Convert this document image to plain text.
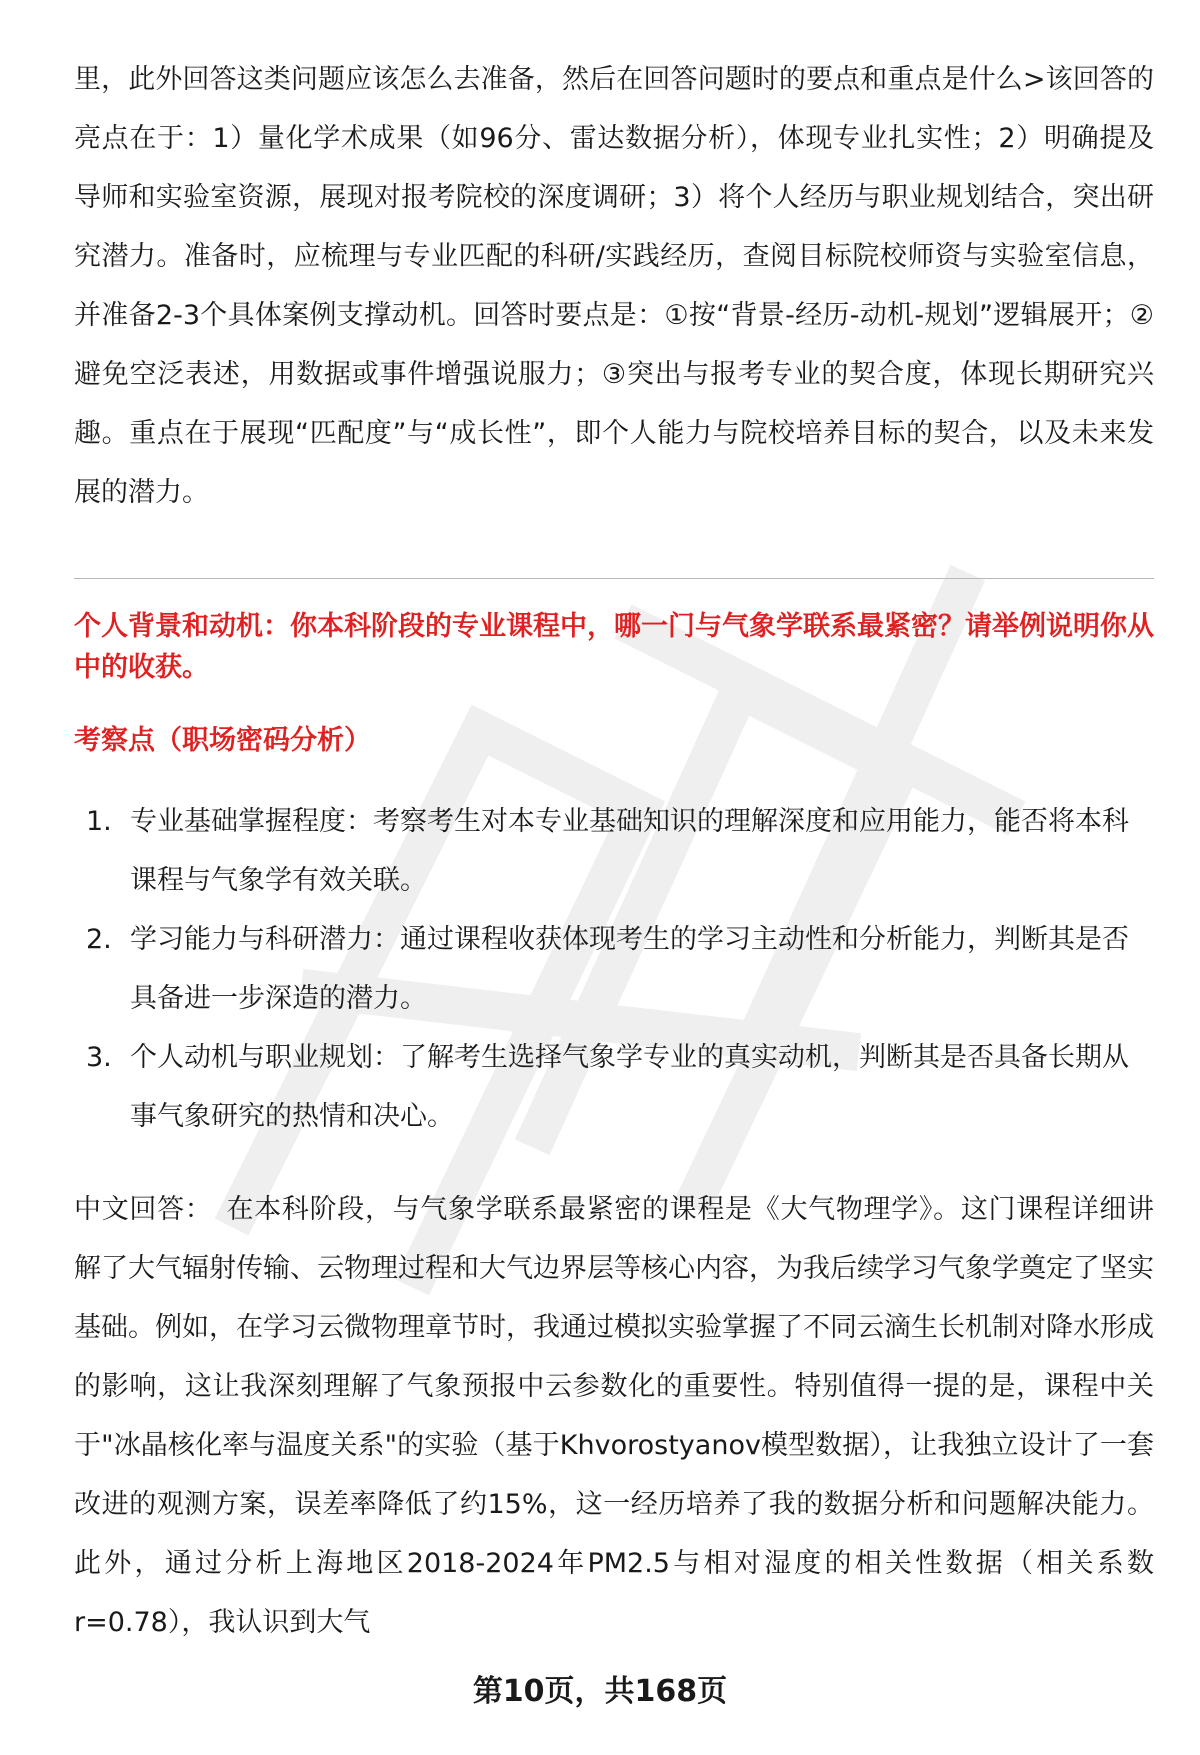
里，此外回答这类问题应该怎么去准备，然后在回答问题时的要点和重点是什么>该回答的亮点在于：1）量化学术成果（如96分、雷达数据分析），体现专业扎实性；2）明确提及导师和实验室资源，展现对报考院校的深度调研；3）将个人经历与职业规划结合，突出研究潜力。准备时，应梳理与专业匹配的科研/实践经历，查阅目标院校师资与实验室信息，并准备2-3个具体案例支撑动机。回答时要点是：①按“背景-经历-动机-规划”逻辑展开；②避免空泛表述，用数据或事件增强说服力；③突出与报考专业的契合度，体现长期研究兴趣。重点在于展现“匹配度”与“成长性”，即个人能力与院校培养目标的契合，以及未来发展的潜力。

个人背景和动机：你本科阶段的专业课程中，哪一门与气象学联系最紧密？请举例说明你从中的收获。

考察点（职场密码分析）

1. 专业基础掌握程度：考察考生对本专业基础知识的理解深度和应用能力，能否将本科课程与气象学有效关联。
2. 学习能力与科研潜力：通过课程收获体现考生的学习主动性和分析能力，判断其是否具备进一步深造的潜力。
3. 个人动机与职业规划：了解考生选择气象学专业的真实动机，判断其是否具备长期从事气象研究的热情和决心。

中文回答： 在本科阶段，与气象学联系最紧密的课程是《大气物理学》。这门课程详细讲解了大气辐射传输、云物理过程和大气边界层等核心内容，为我后续学习气象学奠定了坚实基础。例如，在学习云微物理章节时，我通过模拟实验掌握了不同云滴生长机制对降水形成的影响，这让我深刻理解了气象预报中云参数化的重要性。特别值得一提的是，课程中关于"冰晶核化率与温度关系"的实验（基于Khvorostyanov模型数据），让我独立设计了一套改进的观测方案，误差率降低了约15%，这一经历培养了我的数据分析和问题解决能力。此外，通过分析上海地区2018-2024年PM2.5与相对湿度的相关性数据（相关系数r=0.78），我认识到大气

第10页，共168页
